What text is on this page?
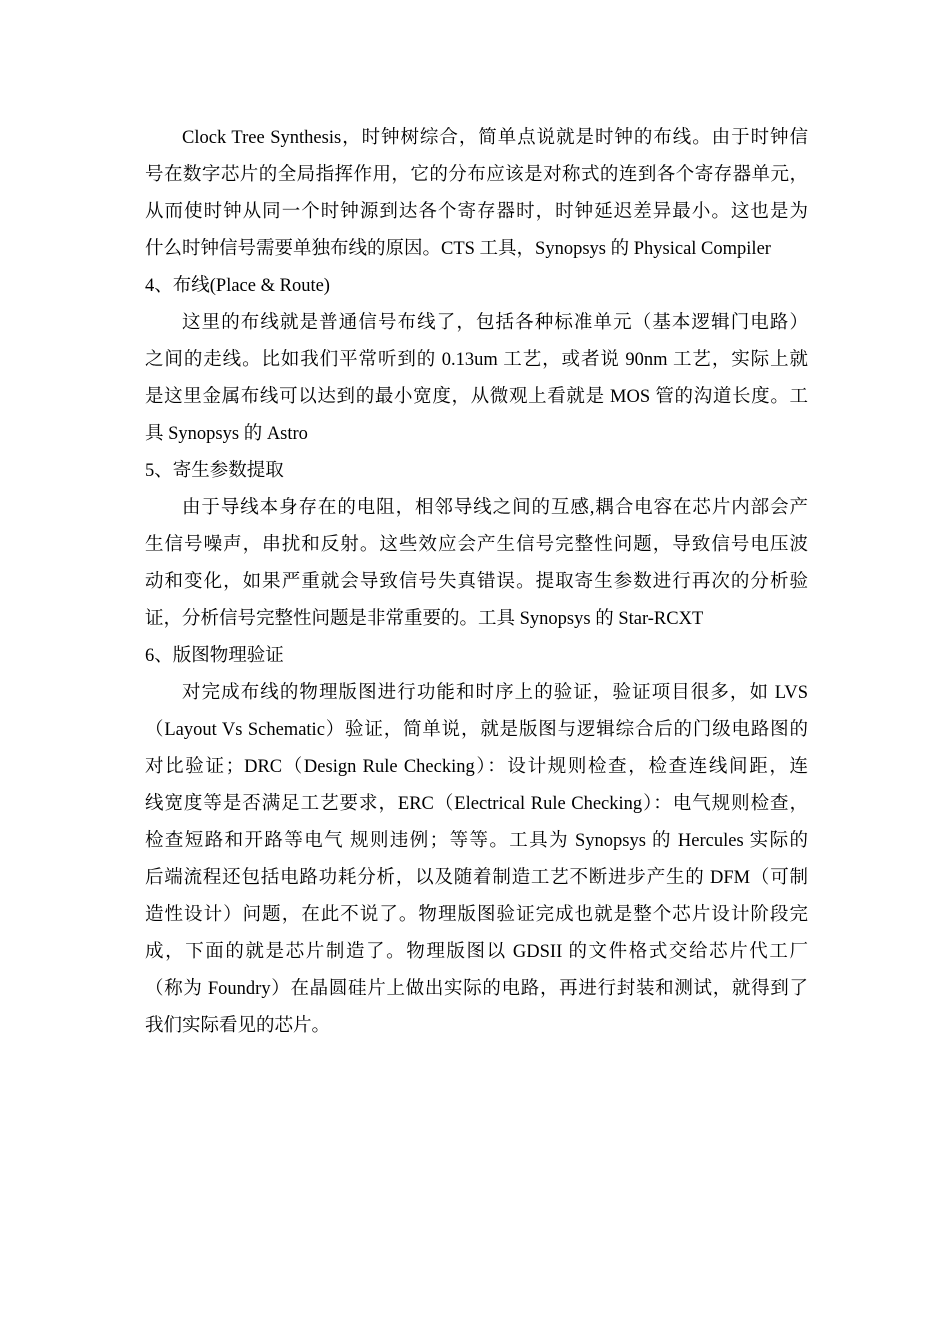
Clock Tree Synthesis，时钟树综合，简单点说就是时钟的布线。由于时钟信
号在数字芯片的全局指挥作用，它的分布应该是对称式的连到各个寄存器单元，
从而使时钟从同一个时钟源到达各个寄存器时，时钟延迟差异最小。这也是为
什么时钟信号需要单独布线的原因。CTS 工具，Synopsys 的 Physical Compiler
4、布线(Place & Route)
这里的布线就是普通信号布线了，包括各种标准单元（基本逻辑门电路）
之间的走线。比如我们平常听到的 0.13um 工艺，或者说 90nm 工艺，实际上就
是这里金属布线可以达到的最小宽度，从微观上看就是 MOS 管的沟道长度。工
具 Synopsys 的 Astro
5、寄生参数提取
由于导线本身存在的电阻，相邻导线之间的互感,耦合电容在芯片内部会产
生信号噪声，串扰和反射。这些效应会产生信号完整性问题，导致信号电压波
动和变化，如果严重就会导致信号失真错误。提取寄生参数进行再次的分析验
证，分析信号完整性问题是非常重要的。工具 Synopsys 的 Star-RCXT
6、版图物理验证
对完成布线的物理版图进行功能和时序上的验证，验证项目很多，如 LVS
（Layout Vs Schematic）验证，简单说，就是版图与逻辑综合后的门级电路图的
对比验证；DRC（Design Rule Checking）：设计规则检查，检查连线间距，连
线宽度等是否满足工艺要求，ERC（Electrical Rule Checking）：电气规则检查，
检查短路和开路等电气 规则违例；等等。工具为 Synopsys 的 Hercules 实际的
后端流程还包括电路功耗分析，以及随着制造工艺不断进步产生的 DFM（可制
造性设计）问题，在此不说了。物理版图验证完成也就是整个芯片设计阶段完
成，下面的就是芯片制造了。物理版图以 GDSII 的文件格式交给芯片代工厂
（称为 Foundry）在晶圆硅片上做出实际的电路，再进行封装和测试，就得到了
我们实际看见的芯片。
